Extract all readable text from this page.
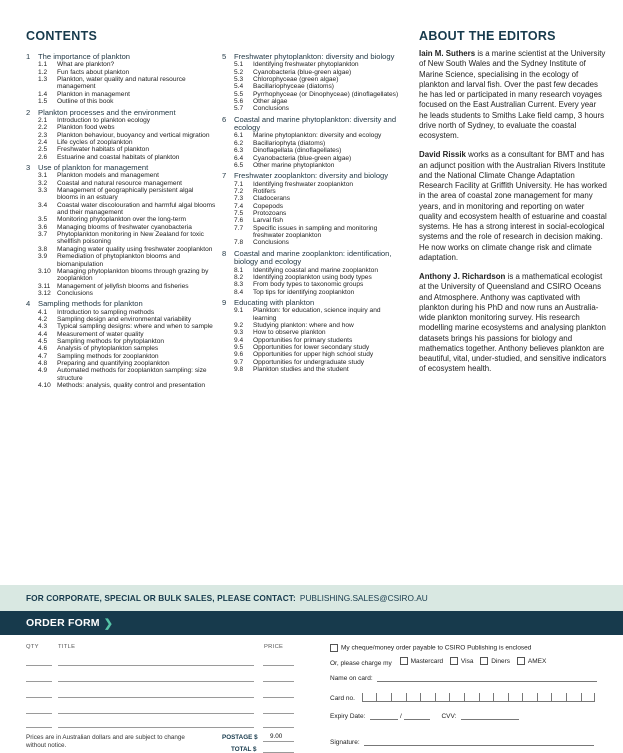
CONTENTS	ABOUT THE EDITORS
1	The importance of plankton
1.1	What are plankton?
1.2	Fun facts about plankton
1.3	Plankton, water quality and natural resource management
1.4	Plankton in management
1.5	Outline of this book
2	Plankton processes and the environment
2.1	Introduction to plankton ecology
2.2	Plankton food webs
2.3	Plankton behaviour, buoyancy and vertical migration
2.4	Life cycles of zooplankton
2.5	Freshwater habitats of plankton
2.6	Estuarine and coastal habitats of plankton
3	Use of plankton for management
3.1	Plankton models and management
3.2	Coastal and natural resource management
3.3	Management of geographically persistent algal blooms in an estuary
3.4	Coastal water discolouration and harmful algal blooms and their management
3.5	Monitoring phytoplankton over the long-term
3.6	Managing blooms of freshwater cyanobacteria
3.7	Phytoplankton monitoring in New Zealand for toxic shellfish poisoning
3.8	Managing water quality using freshwater zooplankton
3.9	Remediation of phytoplankton blooms and biomanipulation
3.10 Managing phytoplankton blooms through grazing by zooplankton
3.11	Management of jellyfish blooms and fisheries
3.12 Conclusions
4	Sampling methods for plankton
4.1	Introduction to sampling methods
4.2	Sampling design and environmental variability
4.3	Typical sampling designs: where and when to sample
4.4	Measurement of water quality
4.5	Sampling methods for phytoplankton
4.6	Analysis of phytoplankton samples
4.7	Sampling methods for zooplankton
4.8	Preparing and quantifying zooplankton
4.9	Automated methods for zooplankton sampling: size structure
4.10 Methods: analysis, quality control and presentation
5	Freshwater phytoplankton: diversity and biology
5.1	Identifying freshwater phytoplankton
5.2	Cyanobacteria (blue-green algae)
5.3	Chlorophyceae (green algae)
5.4	Bacillariophyceae (diatoms)
5.5	Pyrrhophyceae (or Dinophyceae) (dinoflagellates)
5.6	Other algae
5.7	Conclusions
6	Coastal and marine phytoplankton: diversity and ecology
6.1	Marine phytoplankton: diversity and ecology
6.2	Bacillariophyta (diatoms)
6.3	Dinoflagellata (dinoflagellates)
6.4	Cyanobacteria (blue-green algae)
6.5	Other marine phytoplankton
7	Freshwater zooplankton: diversity and biology
7.1	Identifying freshwater zooplankton
7.2	Rotifers
7.3	Cladocerans
7.4	Copepods
7.5	Protozoans
7.6	Larval fish
7.7	Specific issues in sampling and monitoring freshwater zooplankton
7.8	Conclusions
8	Coastal and marine zooplankton: identification, biology and ecology
8.1	Identifying coastal and marine zooplankton
8.2	Identifying zooplankton using body types
8.3	From body types to taxonomic groups
8.4	Top tips for identifying zooplankton
9	Educating with plankton
9.1	Plankton: for education, science inquiry and learning
9.2	Studying plankton: where and how
9.3	How to observe plankton
9.4	Opportunities for primary students
9.5	Opportunities for lower secondary study
9.6	Opportunities for upper high school study
9.7	Opportunities for undergraduate study
9.8	Plankton studies and the student

Iain M. Suthers is a marine scientist at the University of New South Wales and the Sydney Institute of Marine Science, specialising in the ecology of plankton and larval fish. Over the past few decades he has led or participated in many research voyages focused on the East Australian Current. Every year he leads students to Smiths Lake field camp, 3 hours drive north of Sydney, to evaluate the coastal ecosystem.

David Rissik works as a consultant for BMT and has an adjunct position with the Australian Rivers Institute and the National Climate Change Adaptation Research Facility at Griffith University. He has worked in the area of coastal zone management for many years, and in monitoring and reporting on water quality and ecosystem health of estuarine and coastal systems. He has a strong interest in social-ecological systems and the role of research in decision making. He now works on climate change risk and climate adaptation.

Anthony J. Richardson is a mathematical ecologist at the University of Queensland and CSIRO Oceans and Atmosphere. Anthony was captivated with plankton during his PhD and now runs an Australia-wide plankton monitoring survey. His research modelling marine ecosystems and analysing plankton datasets brings his passions for biology and mathematics together. Anthony believes plankton are beautiful, vital, under-studied, and sensitive indicators of ecosystem health.

FOR CORPORATE, SPECIAL OR BULK SALES, PLEASE CONTACT: PUBLISHING.SALES@CSIRO.AU
ORDER FORM ❯
QTY	TITLE	PRICE
Prices are in Australian dollars and are subject to change without notice.
POSTAGE $ 9.00
TOTAL $
My cheque/money order payable to CSIRO Publishing is enclosed
Or, please charge my	Mastercard
	Visa
	Diners
	AMEX
Name on card:
Card no.
Expiry Date:	/	CVV:
Signature:
